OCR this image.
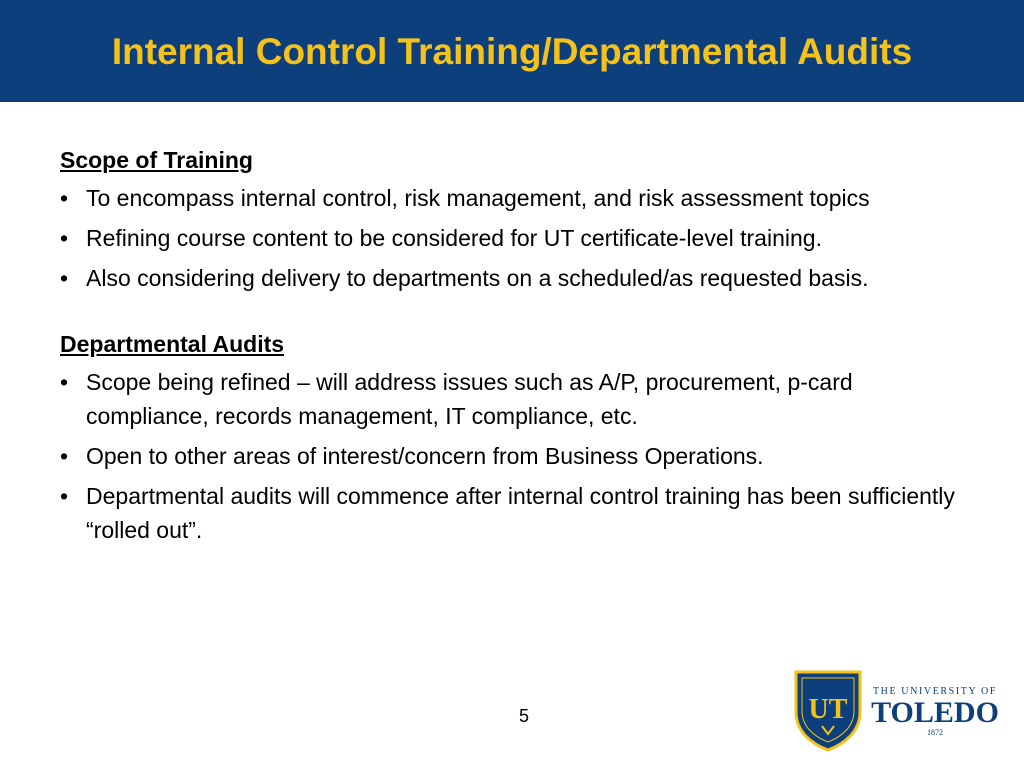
Internal Control Training/Departmental Audits
Scope of Training
• To encompass internal control, risk management, and risk assessment topics
• Refining course content to be considered for UT certificate-level training.
• Also considering delivery to departments on a scheduled/as requested basis.
Departmental Audits
• Scope being refined – will address issues such as A/P, procurement, p-card compliance, records management, IT compliance, etc.
• Open to other areas of interest/concern from Business Operations.
• Departmental audits will commence after internal control training has been sufficiently “rolled out”.
5	UT
THE UNIVERSITY OF
TOLEDO
1872
